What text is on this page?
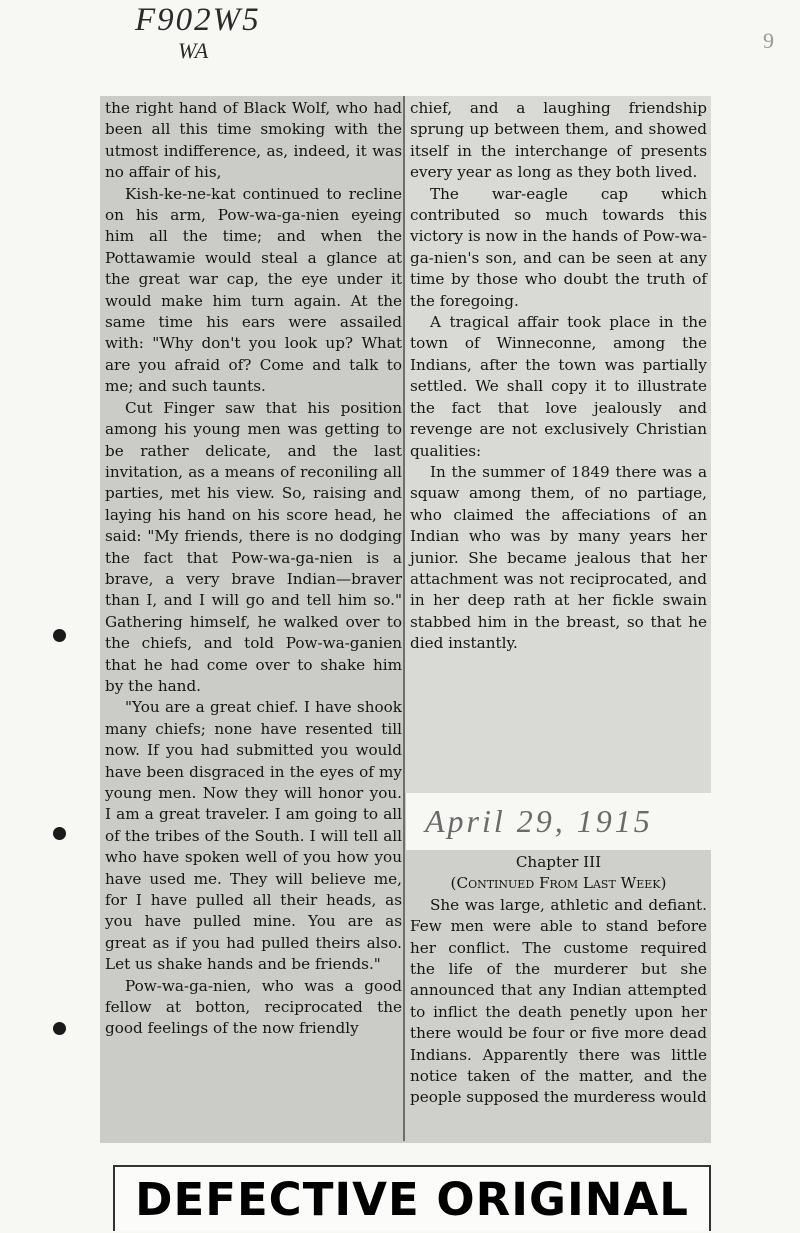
F902W5
WA	9

the right hand of Black Wolf, who had been all this time smoking with the utmost indifference, as, indeed, it was no affair of his,

Kish-ke-ne-kat continued to recline on his arm, Pow-wa-ga-nien eyeing him all the time; and when the Pottawamie would steal a glance at the great war cap, the eye under it would make him turn again. At the same time his ears were assailed with: "Why don't you look up? What are you afraid of? Come and talk to me; and such taunts.

Cut Finger saw that his position among his young men was getting to be rather delicate, and the last invitation, as a means of reconiling all parties, met his view. So, raising and laying his hand on his score head, he said: "My friends, there is no dodging the fact that Pow-wa-ga-nien is a brave, a very brave Indian—braver than I, and I will go and tell him so." Gathering himself, he walked over to the chiefs, and told Pow-wa-ganien that he had come over to shake him by the hand.

"You are a great chief. I have shook many chiefs; none have resented till now. If you had submitted you would have been disgraced in the eyes of my young men. Now they will honor you. I am a great traveler. I am going to all of the tribes of the South. I will tell all who have spoken well of you how you have used me. They will believe me, for I have pulled all their heads, as you have pulled mine. You are as great as if you had pulled theirs also. Let us shake hands and be friends."

Pow-wa-ga-nien, who was a good fellow at botton, reciprocated the good feelings of the now friendly

chief, and a laughing friendship sprung up between them, and showed itself in the interchange of presents every year as long as they both lived.

The war-eagle cap which contributed so much towards this victory is now in the hands of Pow-wa-ga-nien's son, and can be seen at any time by those who doubt the truth of the foregoing.

A tragical affair took place in the town of Winneconne, among the Indians, after the town was partially settled. We shall copy it to illustrate the fact that love jealously and revenge are not exclusively Christian qualities:

In the summer of 1849 there was a squaw among them, of no partiage, who claimed the affeciations of an Indian who was by many years her junior. She became jealous that her attachment was not reciprocated, and in her deep rath at her fickle swain stabbed him in the breast, so that he died instantly.

April 29, 1915

Chapter III

(Continued From Last Week)

She was large, athletic and defiant. Few men were able to stand before her conflict. The custome required the life of the murderer but she announced that any Indian attempted to inflict the death penetly upon her there would be four or five more dead Indians. Apparently there was little notice taken of the matter, and the people supposed the murderess would

DEFECTIVE ORIGINAL
